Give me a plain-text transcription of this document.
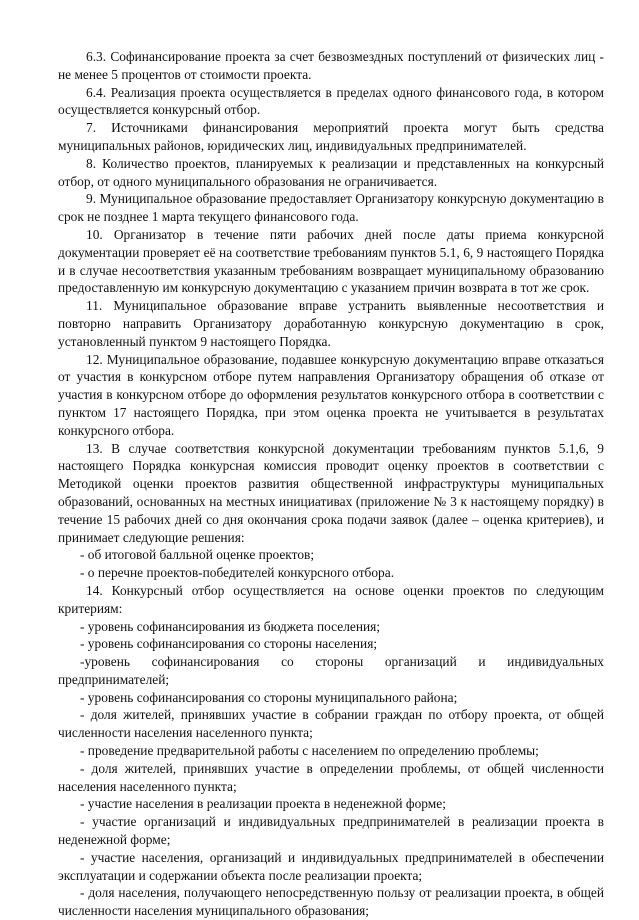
6.3. Софинансирование проекта за счет безвозмездных поступлений от физических лиц - не менее 5 процентов от стоимости проекта.

6.4. Реализация проекта осуществляется в пределах одного финансового года, в котором осуществляется конкурсный отбор.

7. Источниками финансирования мероприятий проекта могут быть средства муниципальных районов, юридических лиц, индивидуальных предпринимателей.

8. Количество проектов, планируемых к реализации и представленных на конкурсный отбор, от одного муниципального образования не ограничивается.

9. Муниципальное образование предоставляет Организатору конкурсную документацию в срок не позднее 1 марта текущего финансового года.

10. Организатор в течение пяти рабочих дней после даты приема конкурсной документации проверяет её на соответствие требованиям пунктов 5.1, 6, 9 настоящего Порядка и в случае несоответствия указанным требованиям возвращает муниципальному образованию предоставленную им конкурсную документацию с указанием причин возврата в тот же срок.

11. Муниципальное образование вправе устранить выявленные несоответствия и повторно направить Организатору доработанную конкурсную документацию в срок, установленный пунктом 9 настоящего Порядка.

12. Муниципальное образование, подавшее конкурсную документацию вправе отказаться от участия в конкурсном отборе путем направления Организатору обращения об отказе от участия в конкурсном отборе до оформления результатов конкурсного отбора в соответствии с пунктом 17 настоящего Порядка, при этом оценка проекта не учитывается в результатах конкурсного отбора.

13. В случае соответствия конкурсной документации требованиям пунктов 5.1,6, 9 настоящего Порядка конкурсная комиссия проводит оценку проектов в соответствии с Методикой оценки проектов развития общественной инфраструктуры муниципальных образований, основанных на местных инициативах (приложение № 3 к настоящему порядку) в течение 15 рабочих дней со дня окончания срока подачи заявок (далее – оценка критериев), и принимает следующие решения:

- об итоговой балльной оценке проектов;

- о перечне проектов-победителей конкурсного отбора.

14. Конкурсный отбор осуществляется на основе оценки проектов по следующим критериям:

- уровень софинансирования из бюджета поселения;

- уровень софинансирования со стороны населения;

-уровень софинансирования со стороны организаций и индивидуальных предпринимателей;

- уровень софинансирования со стороны муниципального района;

- доля жителей, принявших участие в собрании граждан по отбору проекта, от общей численности населения населенного пункта;

- проведение предварительной работы с населением по определению проблемы;

- доля жителей, принявших участие в определении проблемы, от общей численности населения населенного пункта;

- участие населения в реализации проекта в неденежной форме;

- участие организаций и индивидуальных предпринимателей в реализации проекта в неденежной форме;

- участие населения, организаций и индивидуальных предпринимателей в обеспечении эксплуатации и содержании объекта после реализации проекта;

- доля населения, получающего непосредственную пользу от реализации проекта, в общей численности населения муниципального образования;
